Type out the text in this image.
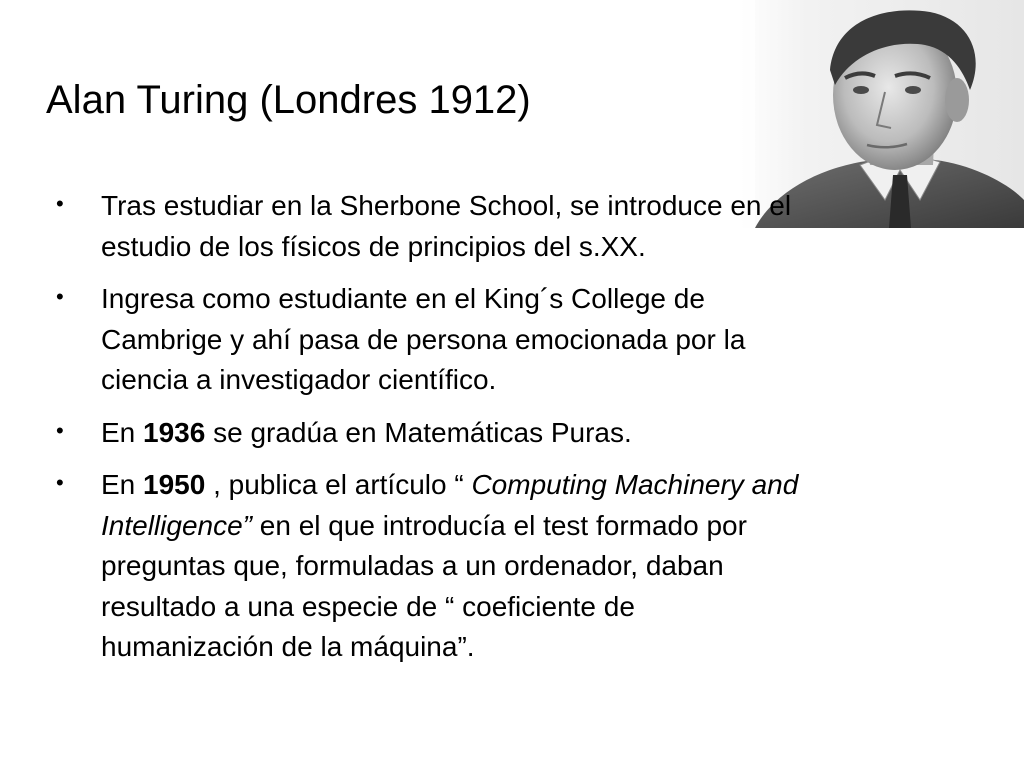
Alan Turing (Londres 1912)
• Tras estudiar en la Sherbone School, se introduce en el
estudio de los físicos de principios del s.XX.
• Ingresa como estudiante en el King´s College de
Cambrige y ahí pasa de persona emocionada por la
ciencia a investigador científico.
• En 1936 se gradúa en Matemáticas Puras.
• En 1950 , publica el artículo “ Computing Machinery and
Intelligence” en el que introducía el test formado por
preguntas que, formuladas a un ordenador, daban
resultado a una especie de “ coeficiente de
humanización de la máquina”.
